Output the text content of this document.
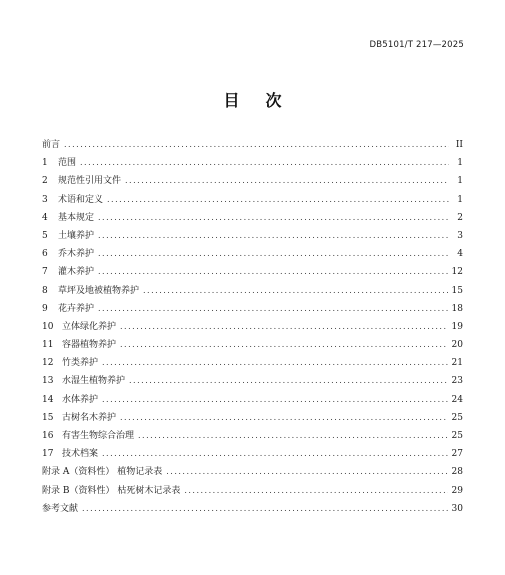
DB5101/T 217—2025
目次
前言 .....	II
1	范围 .....	1
2	规范性引用文件 .....	1
3	术语和定义 .....	1
4	基本规定 .....	2
5	土壤养护 .....	3
6	乔木养护 .....	4
7	灌木养护 .....	12
8	草坪及地被植物养护 .....	15
9	花卉养护 .....	18
10 立体绿化养护 .....	19
11 容器植物养护 .....	20
12 竹类养护 .....	21
13 水湿生植物养护 .....	23
14 水体养护 .....	24
15 古树名木养护 .....	25
16 有害生物综合治理 .....	25
17 技术档案 .....	27
附录 A（资料性） 植物记录表 .....	28
附录 B（资料性） 枯死树木记录表 .....	29
参考文献 .....	30
